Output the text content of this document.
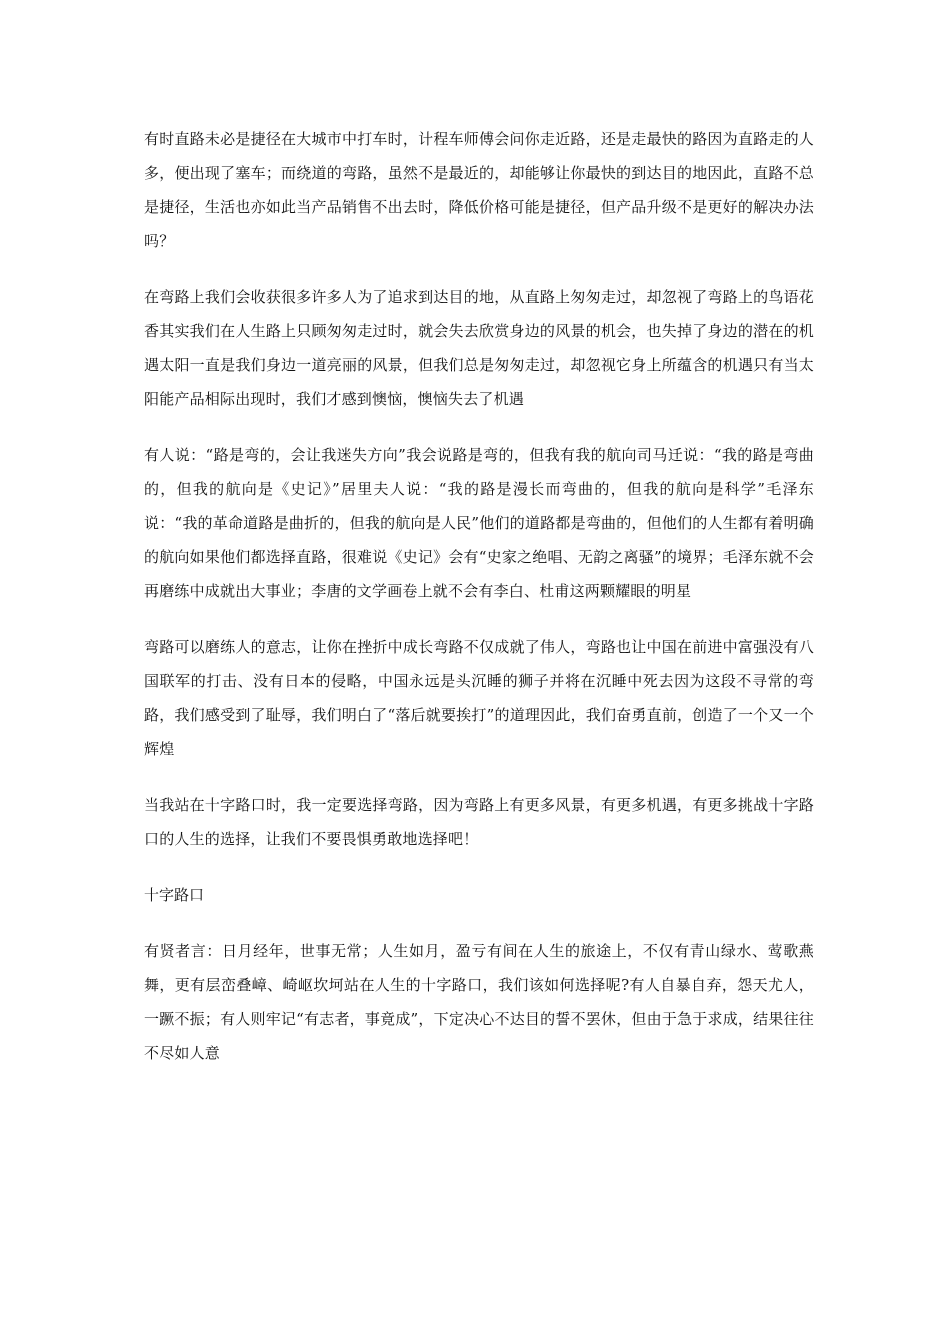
有时直路未必是捷径在大城市中打车时，计程车师傅会问你走近路，还是走最快的路因为直路走的人多，便出现了塞车；而绕道的弯路，虽然不是最近的，却能够让你最快的到达目的地因此，直路不总是捷径，生活也亦如此当产品销售不出去时，降低价格可能是捷径，但产品升级不是更好的解决办法吗？

在弯路上我们会收获很多许多人为了追求到达目的地，从直路上匆匆走过，却忽视了弯路上的鸟语花香其实我们在人生路上只顾匆匆走过时，就会失去欣赏身边的风景的机会，也失掉了身边的潜在的机遇太阳一直是我们身边一道亮丽的风景，但我们总是匆匆走过，却忽视它身上所蕴含的机遇只有当太阳能产品相际出现时，我们才感到懊恼，懊恼失去了机遇

有人说：“路是弯的，会让我迷失方向”我会说路是弯的，但我有我的航向司马迁说：“我的路是弯曲的，但我的航向是《史记》”居里夫人说：“我的路是漫长而弯曲的，但我的航向是科学”毛泽东说：“我的革命道路是曲折的，但我的航向是人民”他们的道路都是弯曲的，但他们的人生都有着明确的航向如果他们都选择直路，很难说《史记》会有“史家之绝唱、无韵之离骚”的境界；毛泽东就不会再磨练中成就出大事业；李唐的文学画卷上就不会有李白、杜甫这两颗耀眼的明星

弯路可以磨练人的意志，让你在挫折中成长弯路不仅成就了伟人，弯路也让中国在前进中富强没有八国联军的打击、没有日本的侵略，中国永远是头沉睡的狮子并将在沉睡中死去因为这段不寻常的弯路，我们感受到了耻辱，我们明白了“落后就要挨打”的道理因此，我们奋勇直前，创造了一个又一个辉煌

当我站在十字路口时，我一定要选择弯路，因为弯路上有更多风景，有更多机遇，有更多挑战十字路口的人生的选择，让我们不要畏惧勇敢地选择吧！

十字路口

有贤者言：日月经年，世事无常；人生如月，盈亏有间在人生的旅途上，不仅有青山绿水、莺歌燕舞，更有层峦叠嶂、崎岖坎坷站在人生的十字路口，我们该如何选择呢?有人自暴自弃，怨天尤人，一蹶不振；有人则牢记“有志者，事竟成”，下定决心不达目的誓不罢休，但由于急于求成，结果往往不尽如人意
